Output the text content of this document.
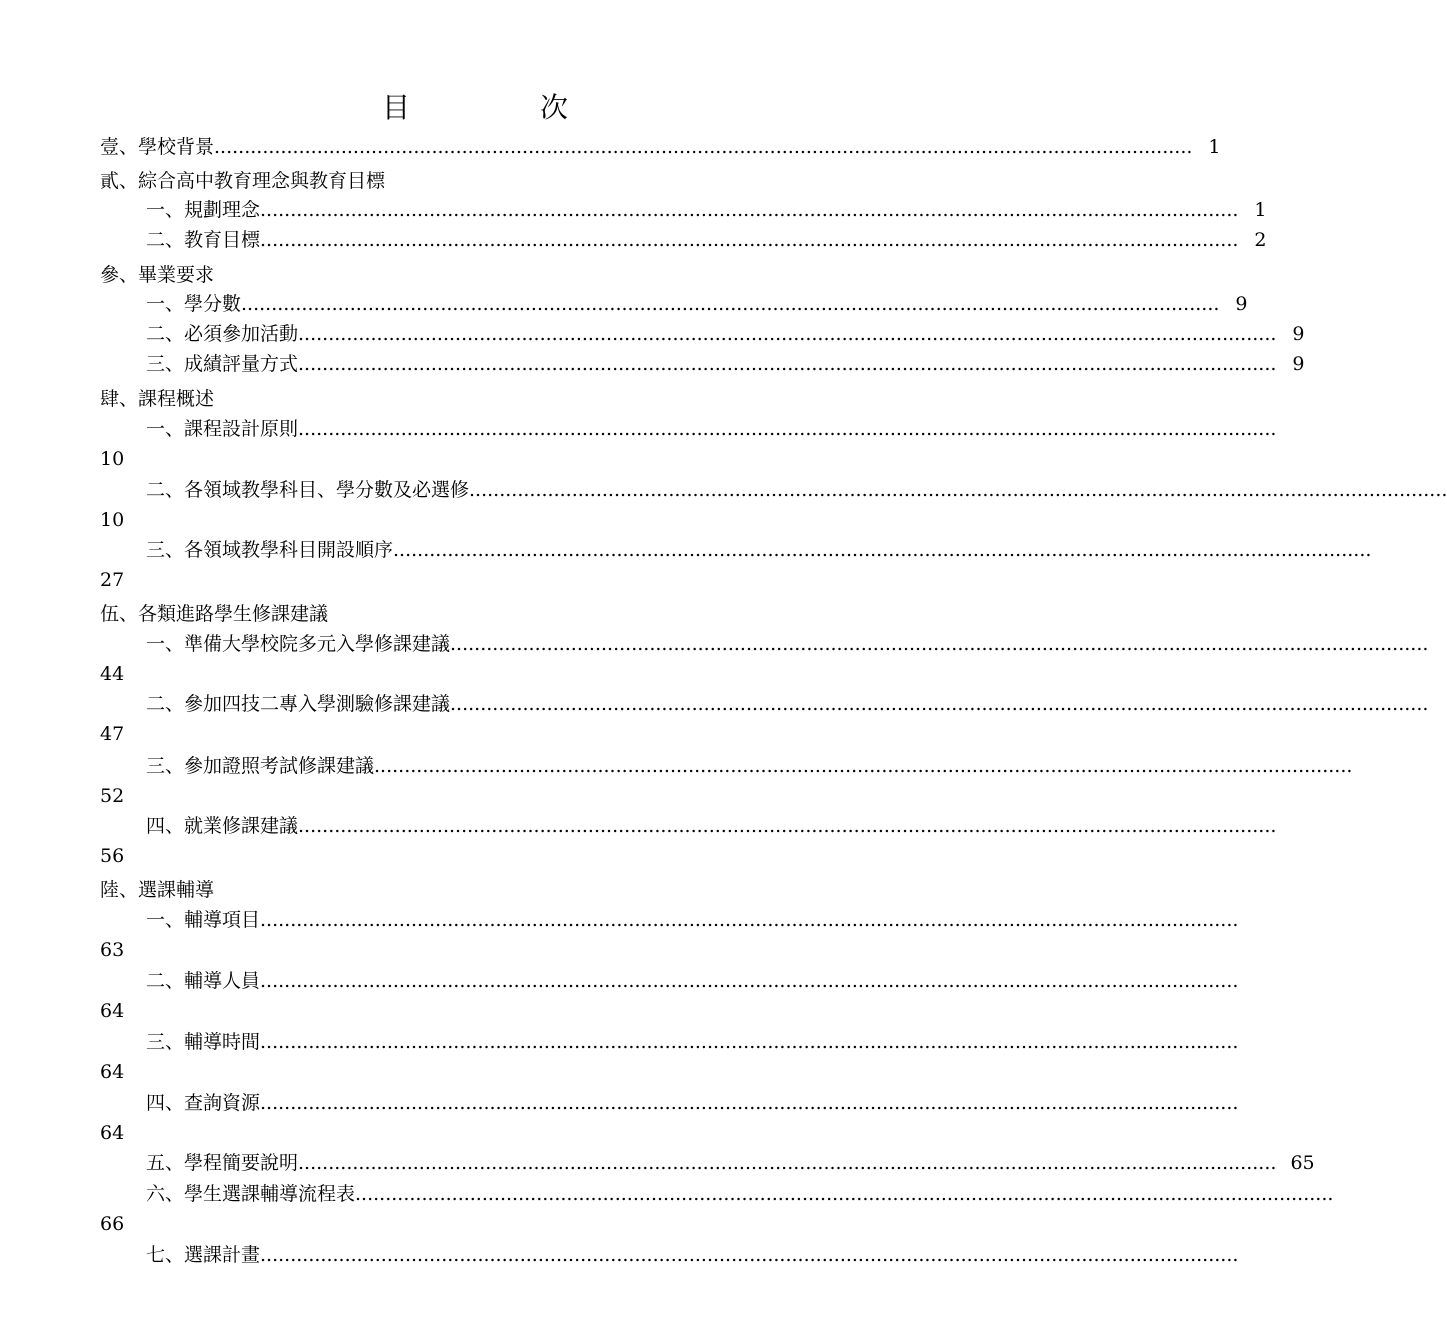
目	次
壹、學校背景 .................................................................................................................................................................. 1
貳、綜合高中教育理念與教育目標
一、規劃理念 .................................................................................................................................................................. 1
二、教育目標 .................................................................................................................................................................. 2
參、畢業要求
一、學分數 .................................................................................................................................................................. 9
二、必須參加活動 .................................................................................................................................................................. 9
三、成績評量方式 .................................................................................................................................................................. 9
肆、課程概述
一、課程設計原則 ..................................................................................................................................................................
10
二、各領域教學科目、學分數及必選修 ..................................................................................................................................................................
10
三、各領域教學科目開設順序 ..................................................................................................................................................................
27
伍、各類進路學生修課建議
一、準備大學校院多元入學修課建議 ..................................................................................................................................................................
44
二、參加四技二專入學測驗修課建議 ..................................................................................................................................................................
47
三、參加證照考試修課建議 ..................................................................................................................................................................
52
四、就業修課建議 ..................................................................................................................................................................
56
陸、選課輔導
一、輔導項目 ..................................................................................................................................................................
63
二、輔導人員 ..................................................................................................................................................................
64
三、輔導時間 ..................................................................................................................................................................
64
四、查詢資源 ..................................................................................................................................................................
64
五、學程簡要說明 .................................................................................................................................................................. 65
六、學生選課輔導流程表 ..................................................................................................................................................................
66
七、選課計畫 ..................................................................................................................................................................
